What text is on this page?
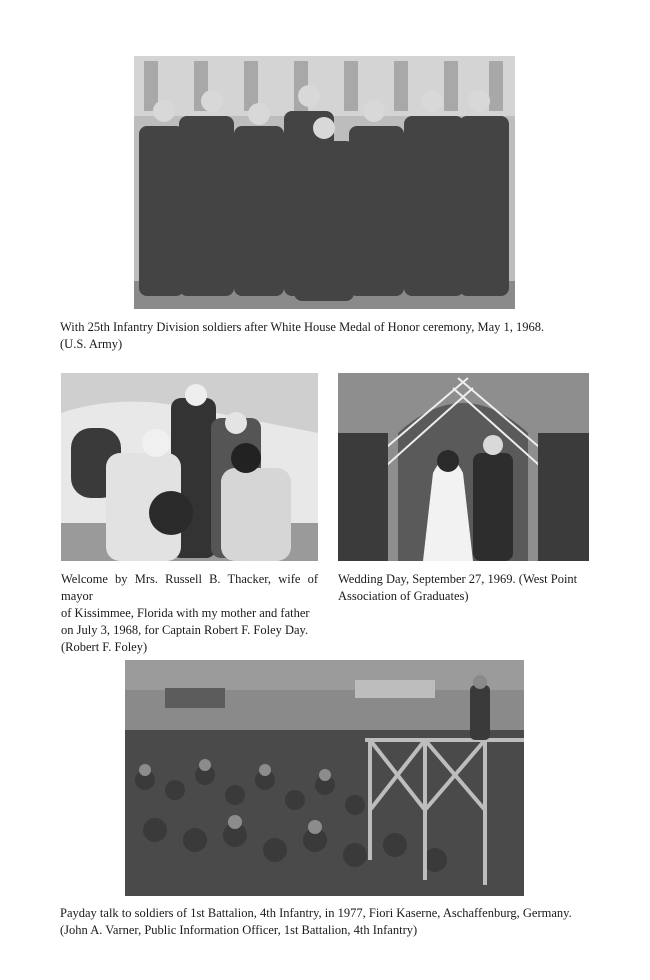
With 25th Infantry Division soldiers after White House Medal of Honor ceremony, May 1, 1968.
(U.S. Army)

Welcome by Mrs. Russell B. Thacker, wife of mayor
of Kissimmee, Florida with my mother and father
on July 3, 1968, for Captain Robert F. Foley Day.
(Robert F. Foley)

Wedding Day, September 27, 1969. (West Point
Association of Graduates)

Payday talk to soldiers of 1st Battalion, 4th Infantry, in 1977, Fiori Kaserne, Aschaffenburg, Germany.
(John A. Varner, Public Information Officer, 1st Battalion, 4th Infantry)
